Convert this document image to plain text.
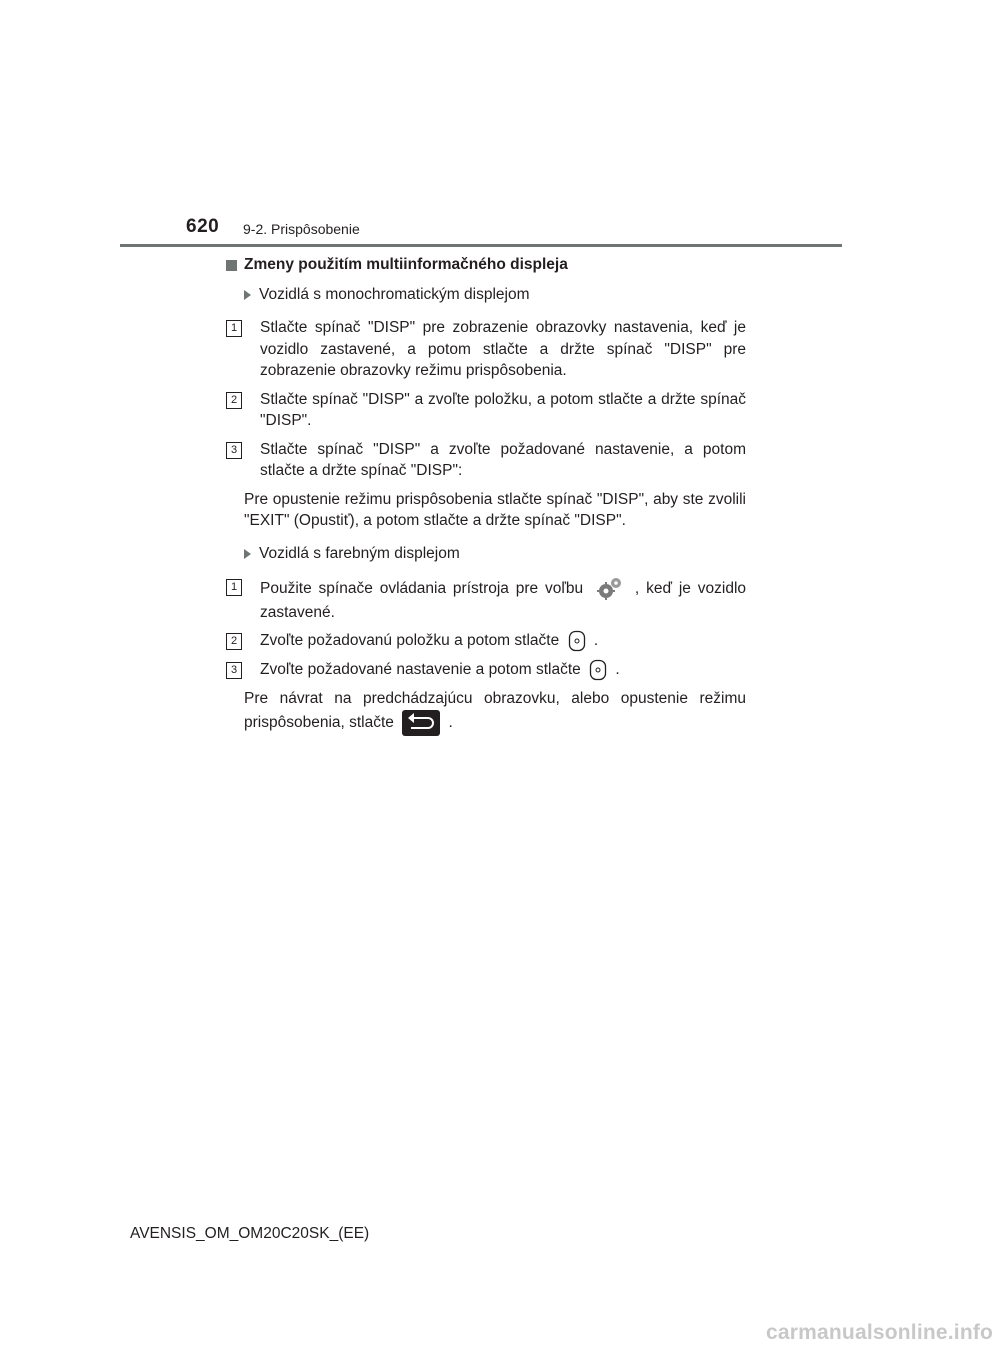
620 9-2. Prispôsobenie
Zmeny použitím multiinformačného displeja
Vozidlá s monochromatickým displejom
1	Stlačte spínač "DISP" pre zobrazenie obrazovky nastavenia, keď je vozidlo zastavené, a potom stlačte a držte spínač "DISP" pre zobrazenie obrazovky režimu prispôsobenia.
2	Stlačte spínač "DISP" a zvoľte položku, a potom stlačte a držte spínač "DISP".
3	Stlačte spínač "DISP" a zvoľte požadované nastavenie, a potom stlačte a držte spínač "DISP":
Pre opustenie režimu prispôsobenia stlačte spínač "DISP", aby ste zvolili "EXIT" (Opustiť), a potom stlačte a držte spínač "DISP".
Vozidlá s farebným displejom
1	Použite spínače ovládania prístroja pre voľbu	, keď je vozidlo zastavené.
2	Zvoľte požadovanú položku a potom stlačte .
3	Zvoľte požadované nastavenie a potom stlačte .
Pre návrat na predchádzajúcu obrazovku, alebo opustenie režimu prispôsobenia, stlačte	.
AVENSIS_OM_OM20C20SK_(EE)
carmanualsonline.info
